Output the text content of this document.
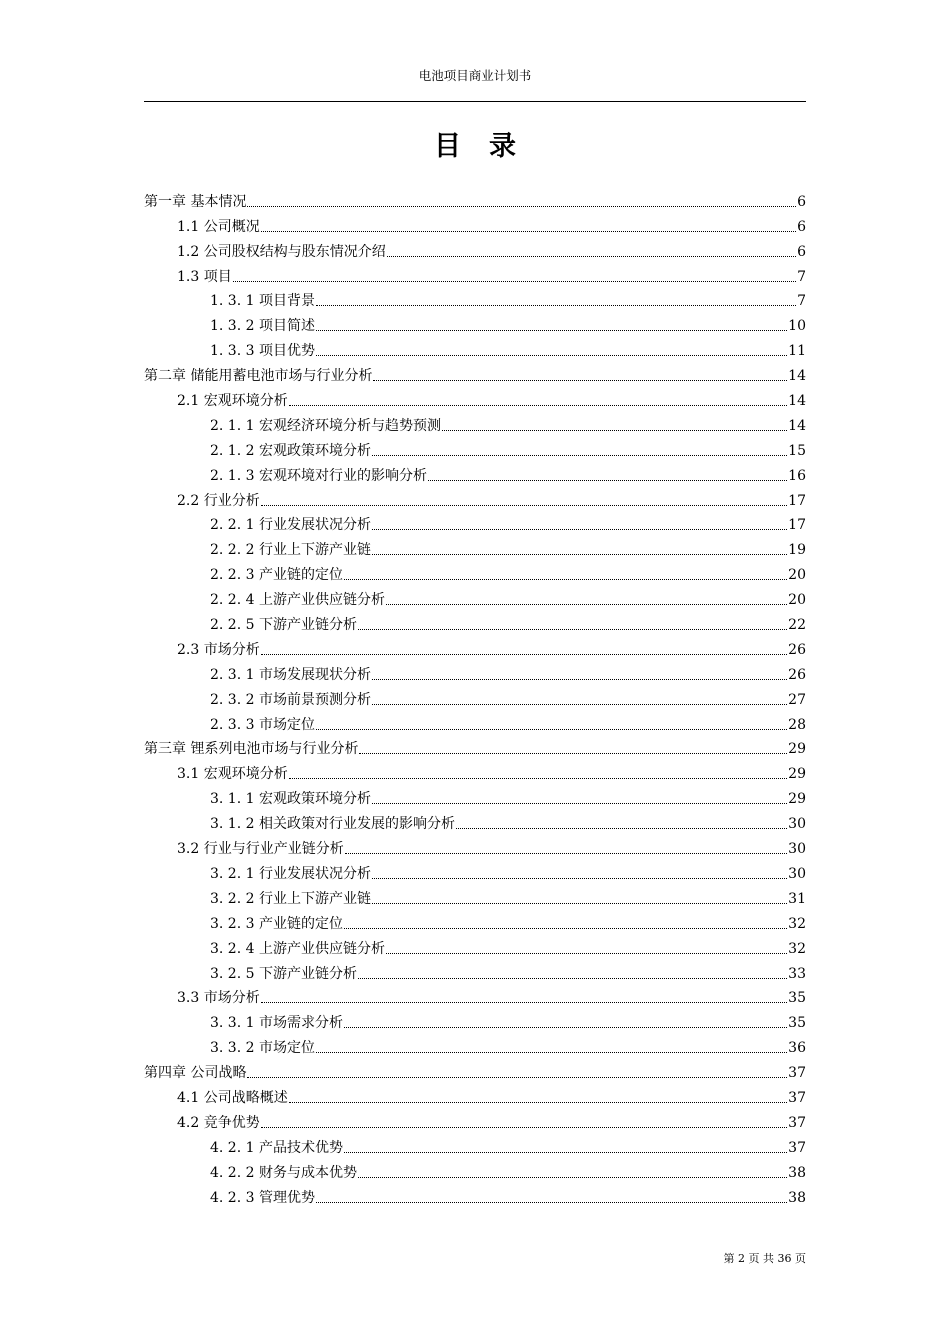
电池项目商业计划书
目录
第一章 基本情况	6
1.1 公司概况	6
1.2 公司股权结构与股东情况介绍	6
1.3 项目	7
1. 3. 1 项目背景	7
1. 3. 2 项目简述	10
1. 3. 3 项目优势	11
第二章 储能用蓄电池市场与行业分析	14
2.1 宏观环境分析	14
2. 1. 1 宏观经济环境分析与趋势预测	14
2. 1. 2 宏观政策环境分析	15
2. 1. 3 宏观环境对行业的影响分析	16
2.2 行业分析	17
2. 2. 1 行业发展状况分析	17
2. 2. 2 行业上下游产业链	19
2. 2. 3 产业链的定位	20
2. 2. 4 上游产业供应链分析	20
2. 2. 5 下游产业链分析	22
2.3 市场分析	26
2. 3. 1 市场发展现状分析	26
2. 3. 2 市场前景预测分析	27
2. 3. 3 市场定位	28
第三章 锂系列电池市场与行业分析	29
3.1 宏观环境分析	29
3. 1. 1 宏观政策环境分析	29
3. 1. 2 相关政策对行业发展的影响分析	30
3.2 行业与行业产业链分析	30
3. 2. 1 行业发展状况分析	30
3. 2. 2 行业上下游产业链	31
3. 2. 3 产业链的定位	32
3. 2. 4 上游产业供应链分析	32
3. 2. 5 下游产业链分析	33
3.3 市场分析	35
3. 3. 1 市场需求分析	35
3. 3. 2 市场定位	36
第四章 公司战略	37
4.1 公司战略概述	37
4.2 竞争优势	37
4. 2. 1 产品技术优势	37
4. 2. 2 财务与成本优势	38
4. 2. 3 管理优势	38
第 2 页 共 36 页
